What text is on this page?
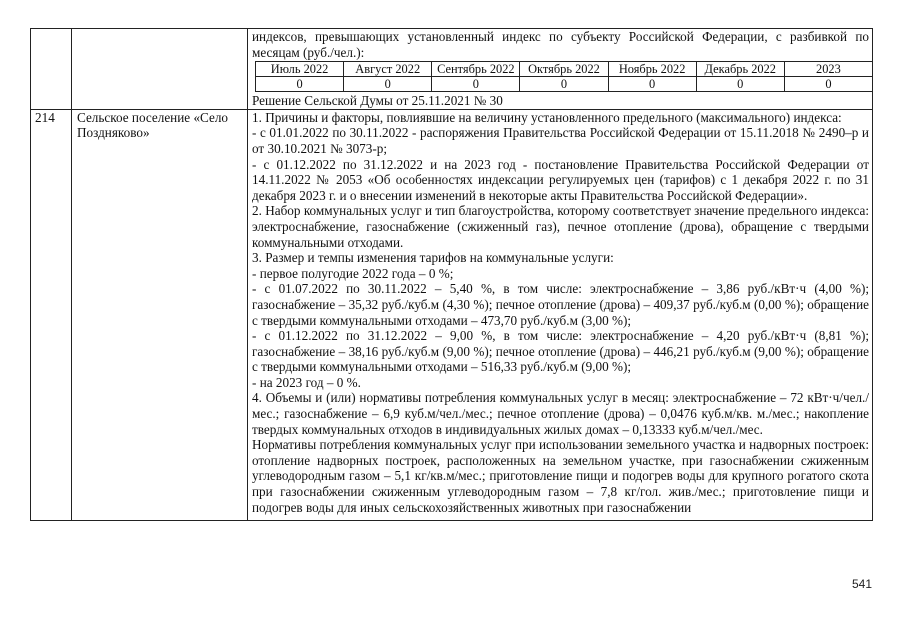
индексов, превышающих установленный индекс по субъекту Российской Федерации, с разбивкой по месяцам (руб./чел.):
Июль 2022	Август 2022	Сентябрь 2022	Октябрь 2022	Ноябрь 2022	Декабрь 2022	2023
0	0	0	0	0	0	0
Решение Сельской Думы от 25.11.2021 № 30

214	Сельское поселение «Село Поздняково»	

1. Причины и факторы, повлиявшие на величину установленного предельного (максимального) индекса:

- с 01.01.2022 по 30.11.2022 - распоряжения Правительства Российской Федерации от 15.11.2018 № 2490–р и от 30.10.2021 № 3073-р;

- с 01.12.2022 по 31.12.2022 и на 2023 год - постановление Правительства Российской Федерации от 14.11.2022 № 2053 «Об особенностях индексации регулируемых цен (тарифов) с 1 декабря 2022 г. по 31 декабря 2023 г. и о внесении изменений в некоторые акты Правительства Российской Федерации».

2. Набор коммунальных услуг и тип благоустройства, которому соответствует значение предельного индекса: электроснабжение, газоснабжение (сжиженный газ), печное отопление (дрова), обращение с твердыми коммунальными отходами.

3. Размер и темпы изменения тарифов на коммунальные услуги:

- первое полугодие 2022 года – 0 %;

- с 01.07.2022 по 30.11.2022 – 5,40 %, в том числе: электроснабжение – 3,86 руб./кВт·ч (4,00 %); газоснабжение – 35,32 руб./куб.м (4,30 %); печное отопление (дрова) – 409,37 руб./куб.м (0,00 %); обращение с твердыми коммунальными отходами – 473,70 руб./куб.м (3,00 %);

- с 01.12.2022 по 31.12.2022 – 9,00 %, в том числе: электроснабжение – 4,20 руб./кВт·ч (8,81 %); газоснабжение – 38,16 руб./куб.м (9,00 %); печное отопление (дрова) – 446,21 руб./куб.м (9,00 %); обращение с твердыми коммунальными отходами – 516,33 руб./куб.м (9,00 %);

- на 2023 год – 0 %.

4. Объемы и (или) нормативы потребления коммунальных услуг в месяц: электроснабжение – 72 кВт·ч/чел./мес.; газоснабжение – 6,9 куб.м/чел./мес.; печное отопление (дрова) – 0,0476 куб.м/кв. м./мес.; накопление твердых коммунальных отходов в индивидуальных жилых домах – 0,13333 куб.м/чел./мес.

Нормативы потребления коммунальных услуг при использовании земельного участка и надворных построек: отопление надворных построек, расположенных на земельном участке, при газоснабжении сжиженным углеводородным газом – 5,1 кг/кв.м/мес.; приготовление пищи и подогрев воды для крупного рогатого скота при газоснабжении сжиженным углеводородным газом – 7,8 кг/гол. жив./мес.; приготовление пищи и подогрев воды для иных сельскохозяйственных животных при газоснабжении

541
